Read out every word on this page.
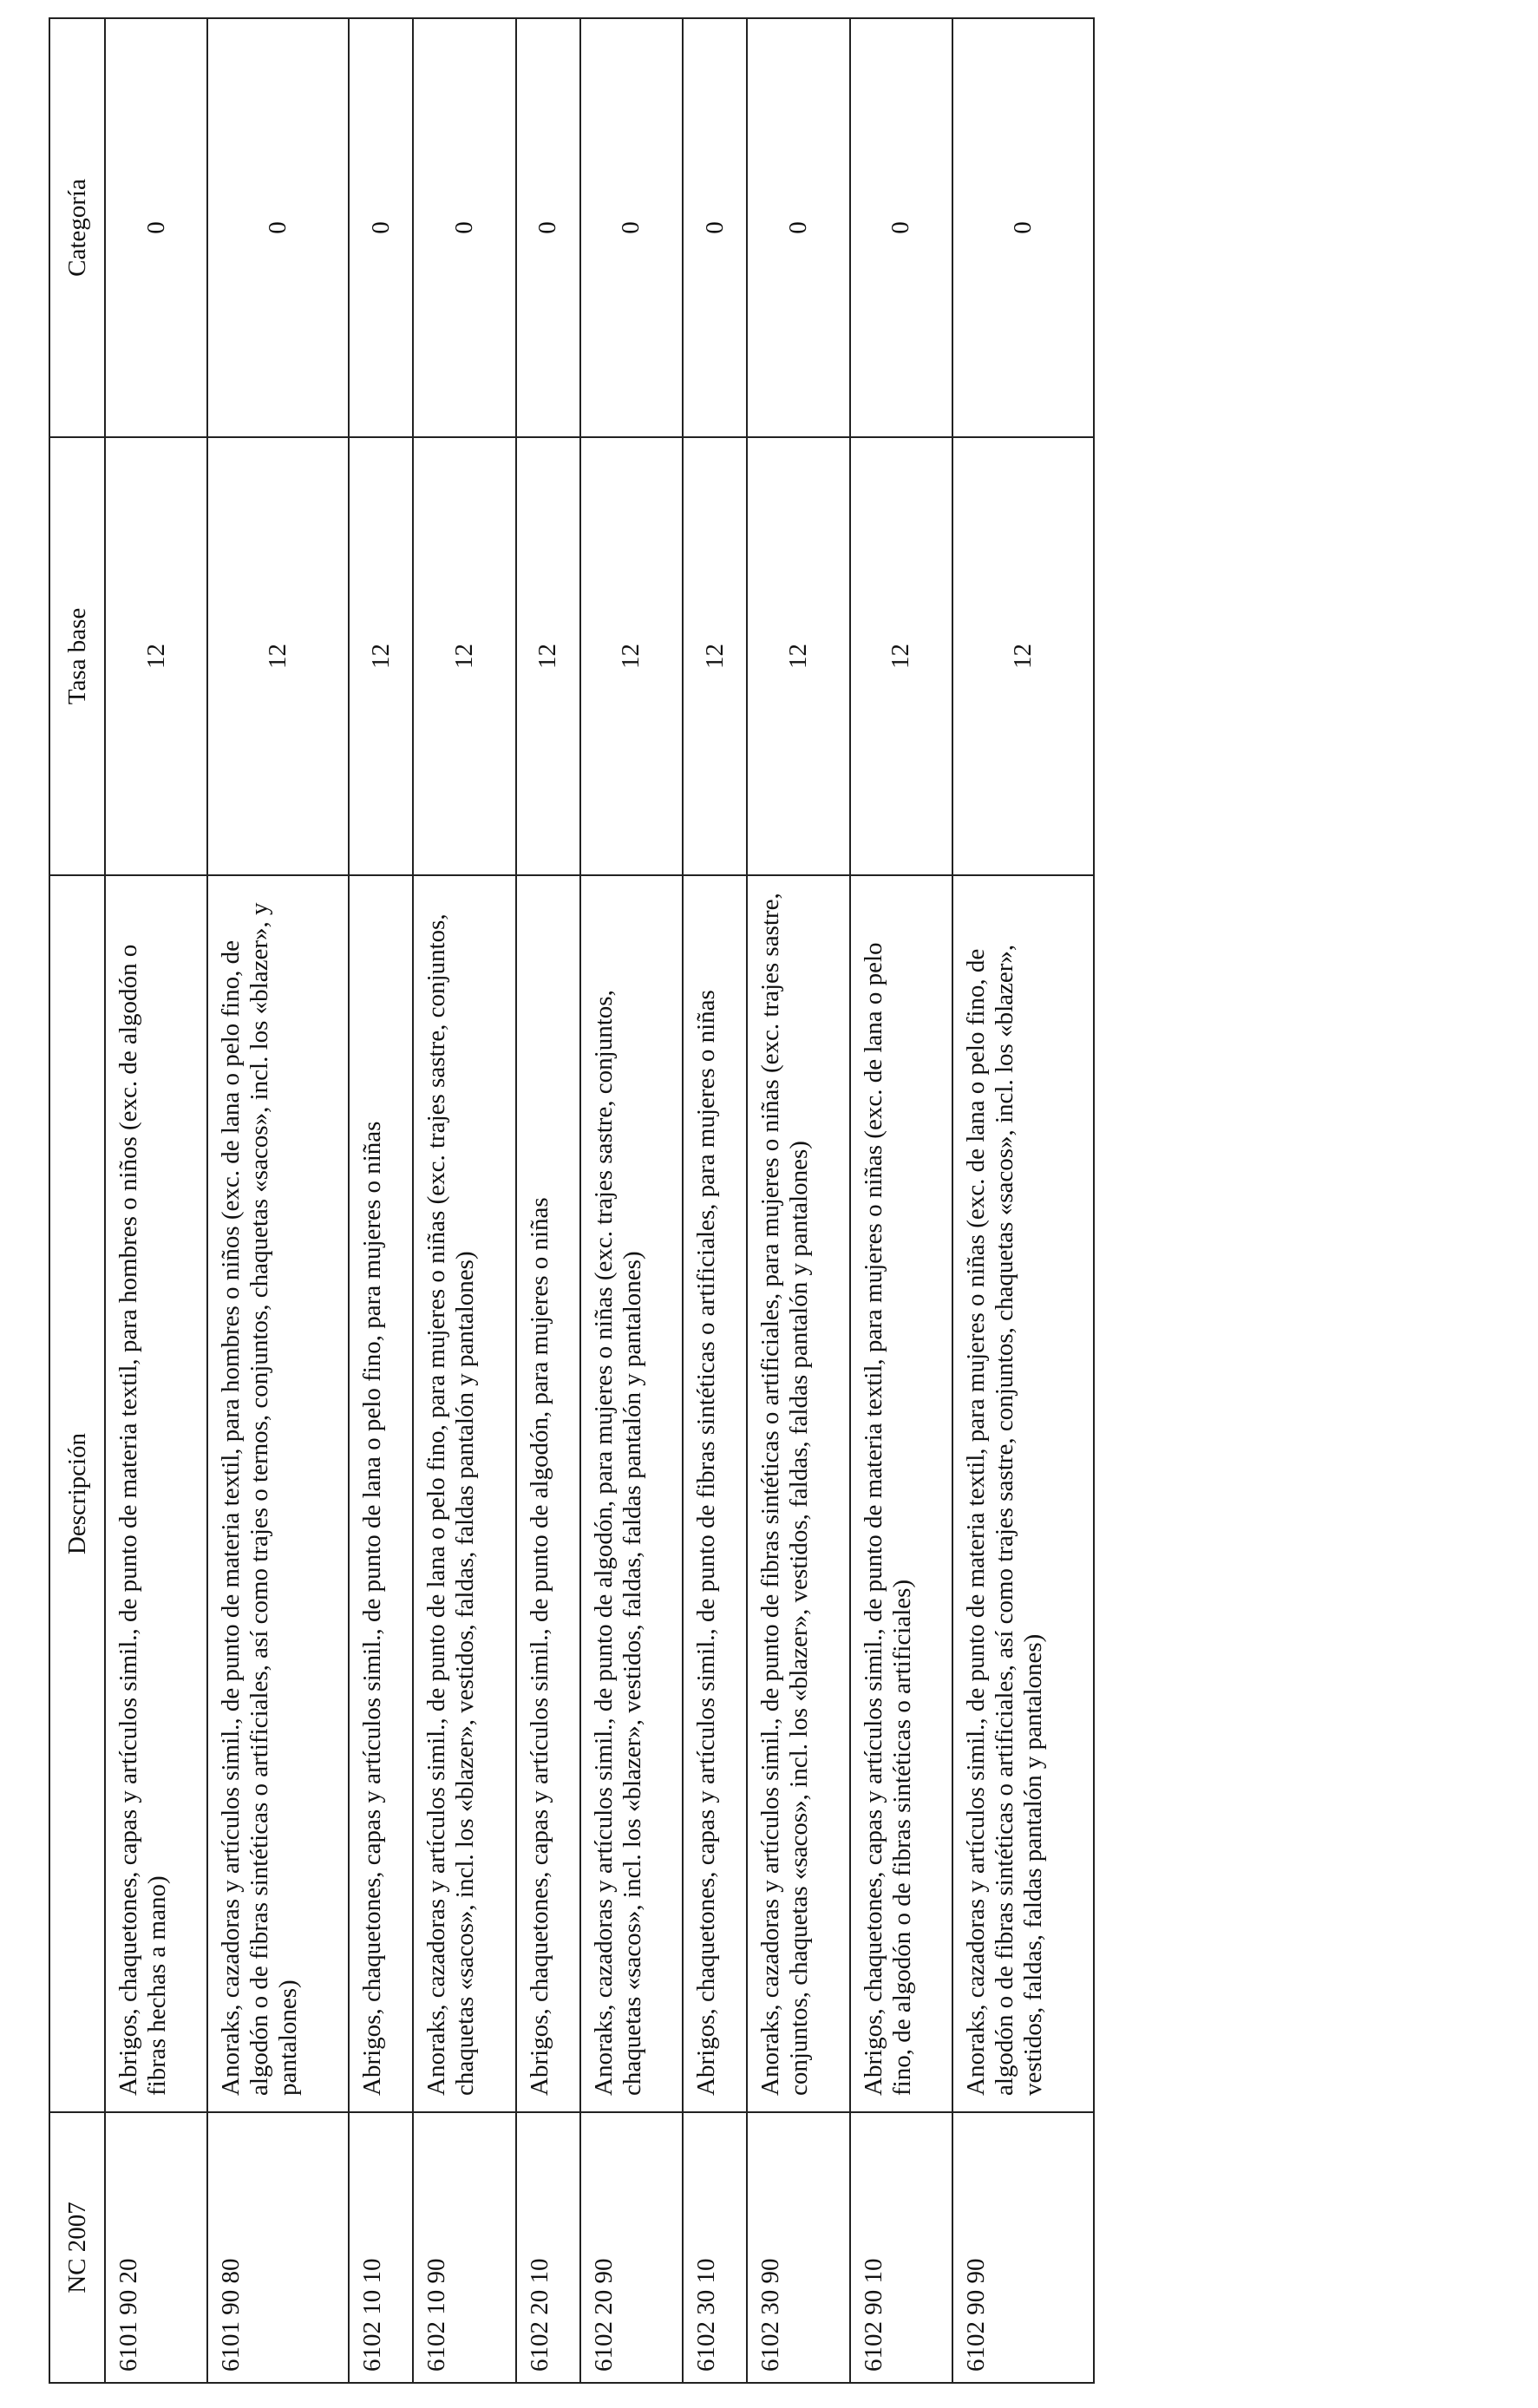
NC 2007	Descripción	Tasa base	Categoría
6101 90 20	Abrigos, chaquetones, capas y artículos simil., de punto de materia textil, para hombres o niños (exc. de algodón o fibras hechas a mano)	12	0
6101 90 80	Anoraks, cazadoras y artículos simil., de punto de materia textil, para hombres o niños (exc. de lana o pelo fino, de algodón o de fibras sintéticas o artificiales, así como trajes o ternos, conjuntos, chaquetas «sacos», incl. los «blazer», y pantalones)	12	0
6102 10 10	Abrigos, chaquetones, capas y artículos simil., de punto de lana o pelo fino, para mujeres o niñas	12	0
6102 10 90	Anoraks, cazadoras y artículos simil., de punto de lana o pelo fino, para mujeres o niñas (exc. trajes sastre, conjuntos, chaquetas «sacos», incl. los «blazer», vestidos, faldas, faldas pantalón y pantalones)	12	0
6102 20 10	Abrigos, chaquetones, capas y artículos simil., de punto de algodón, para mujeres o niñas	12	0
6102 20 90	Anoraks, cazadoras y artículos simil., de punto de algodón, para mujeres o niñas (exc. trajes sastre, conjuntos, chaquetas «sacos», incl. los «blazer», vestidos, faldas, faldas pantalón y pantalones)	12	0
6102 30 10	Abrigos, chaquetones, capas y artículos simil., de punto de fibras sintéticas o artificiales, para mujeres o niñas	12	0
6102 30 90	Anoraks, cazadoras y artículos simil., de punto de fibras sintéticas o artificiales, para mujeres o niñas (exc. trajes sastre, conjuntos, chaquetas «sacos», incl. los «blazer», vestidos, faldas, faldas pantalón y pantalones)	12	0
6102 90 10	Abrigos, chaquetones, capas y artículos simil., de punto de materia textil, para mujeres o niñas (exc. de lana o pelo fino, de algodón o de fibras sintéticas o artificiales)	12	0
6102 90 90	Anoraks, cazadoras y artículos simil., de punto de materia textil, para mujeres o niñas (exc. de lana o pelo fino, de algodón o de fibras sintéticas o artificiales, así como trajes sastre, conjuntos, chaquetas «sacos», incl. los «blazer», vestidos, faldas, faldas pantalón y pantalones)	12	0
